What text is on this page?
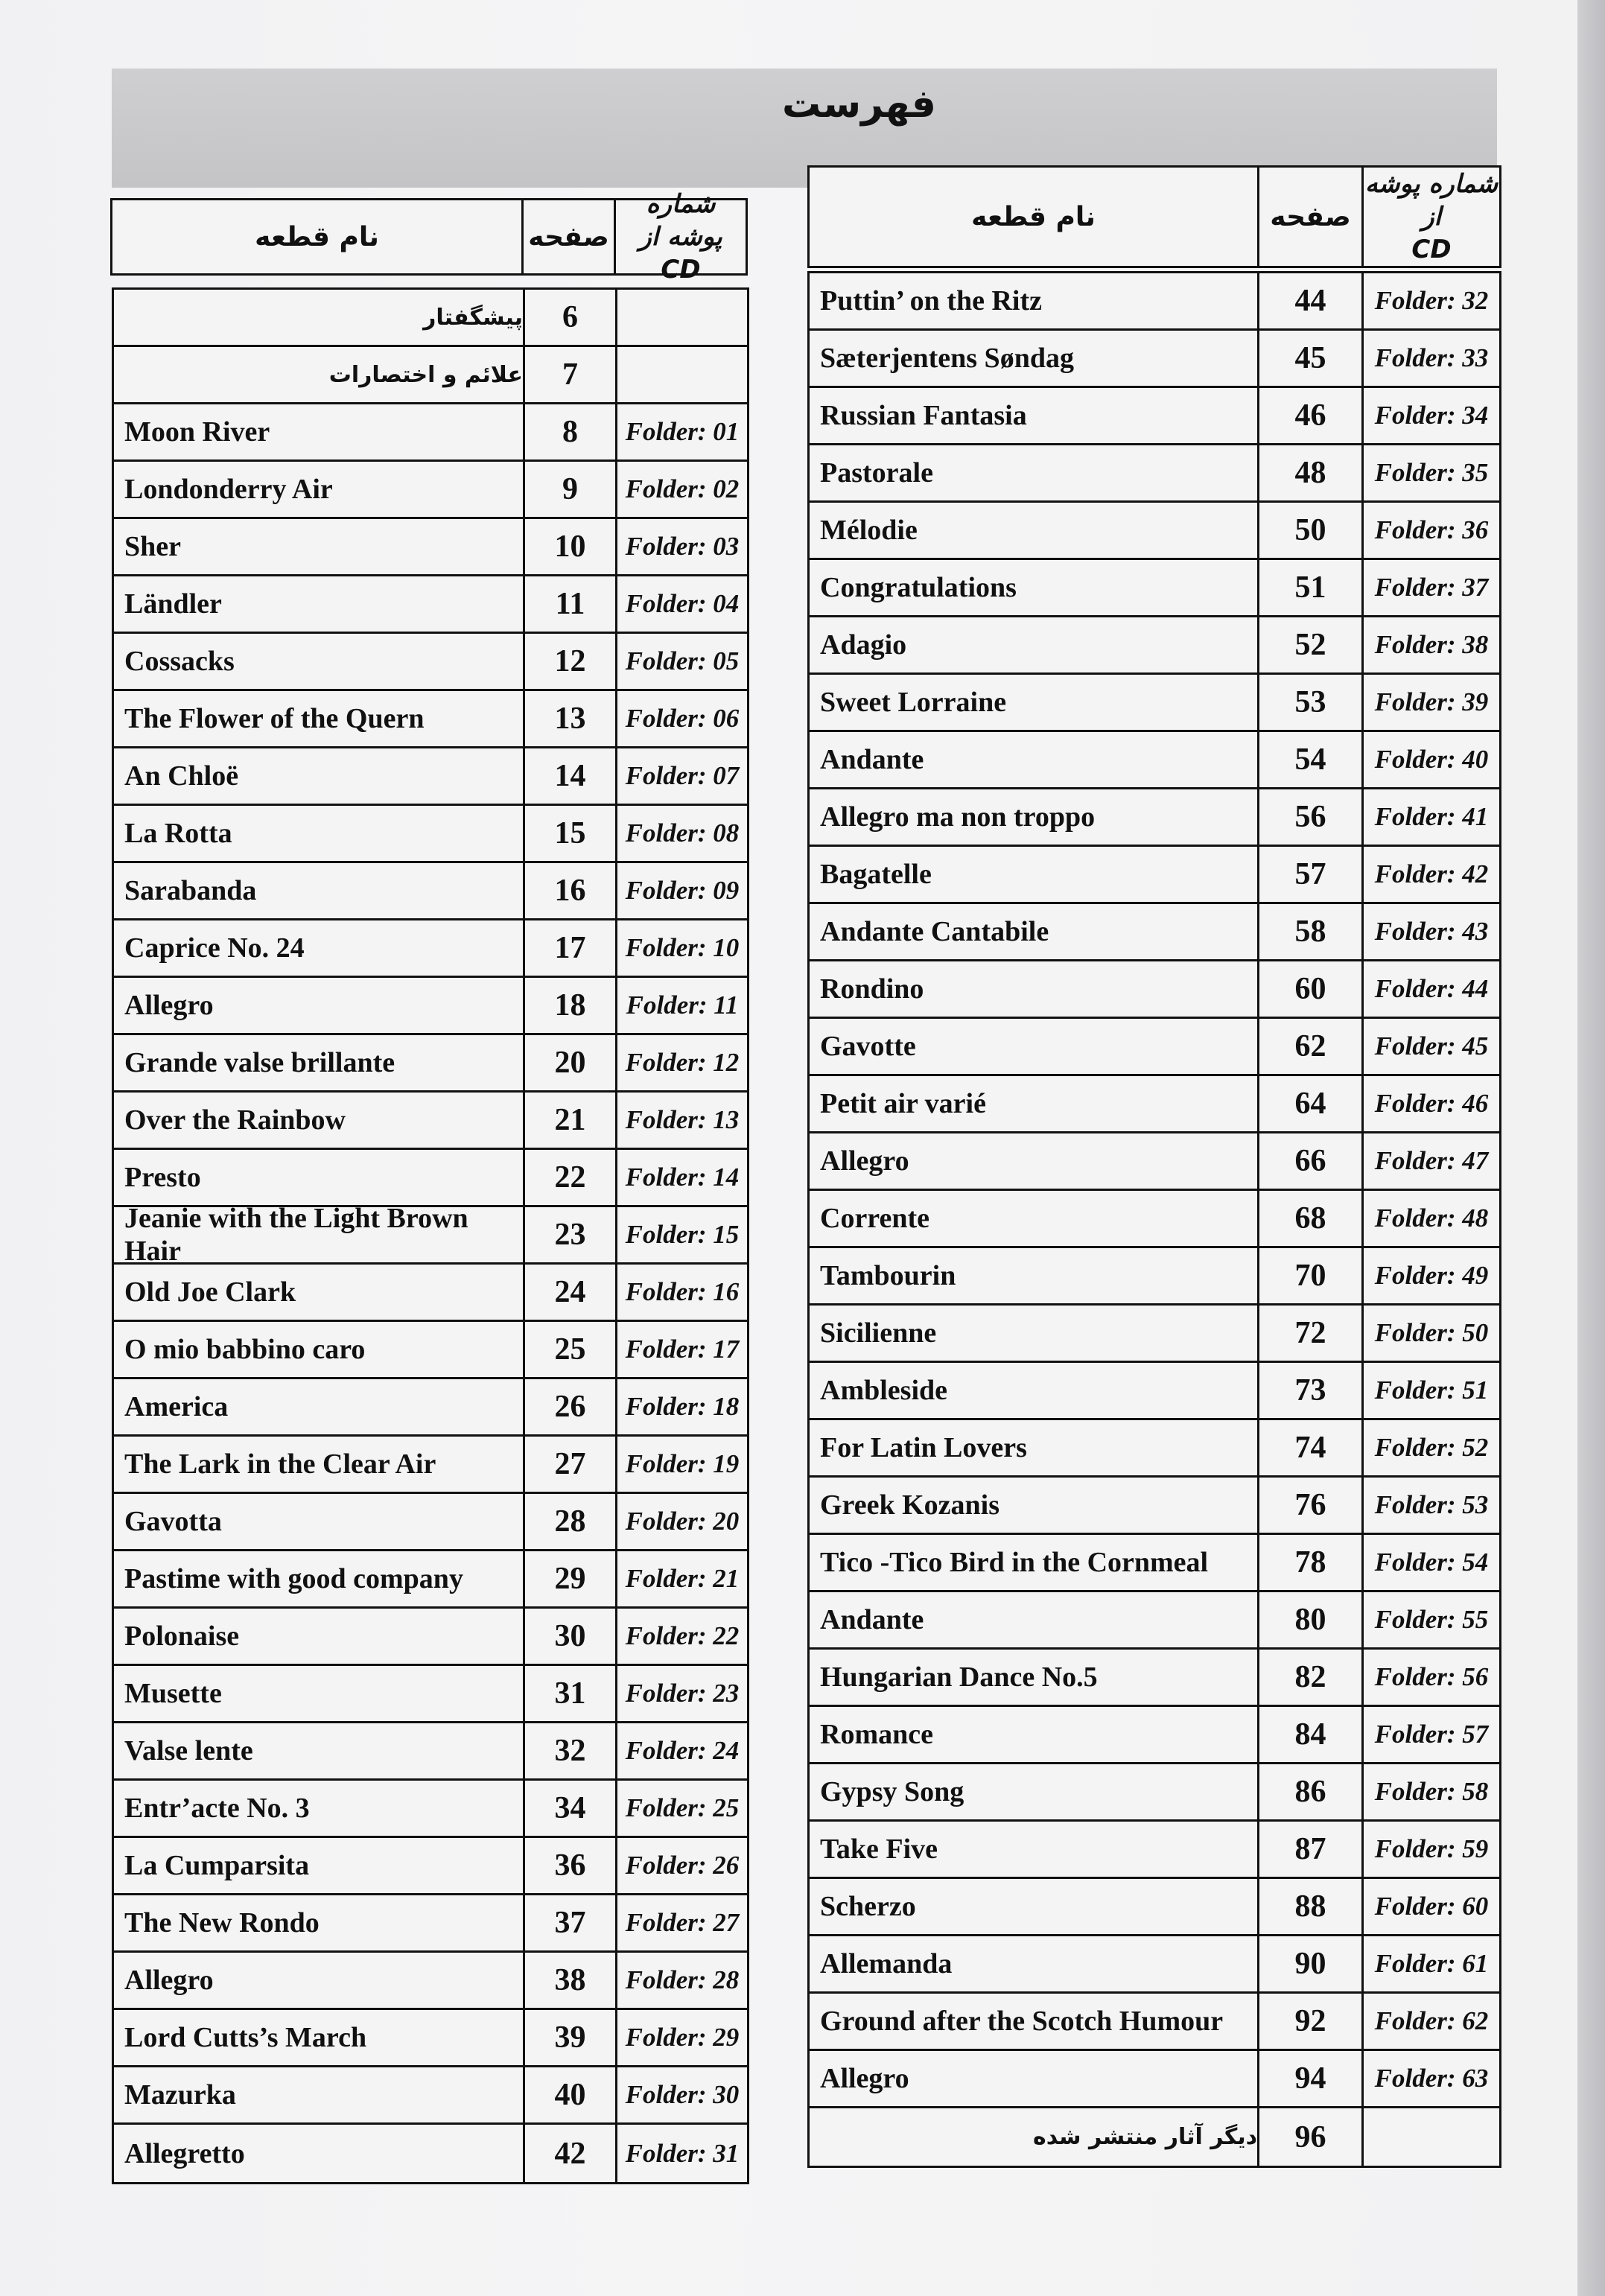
فهرست
نام قطعه	صفحه
شماره پوشه از
CD
نام قطعه	صفحه
شماره پوشه از
CD
پیشگفتار	6
علائم و اختصارات	7
Moon River	8	Folder: 01
Londonderry Air	9	Folder: 02
Sher	10	Folder: 03
Ländler	11	Folder: 04
Cossacks	12	Folder: 05
The Flower of the Quern	13	Folder: 06
An Chloë	14	Folder: 07
La Rotta	15	Folder: 08
Sarabanda	16	Folder: 09
Caprice No. 24	17	Folder: 10
Allegro	18	Folder: 11
Grande valse brillante	20	Folder: 12
Over the Rainbow	21	Folder: 13
Presto	22	Folder: 14
Jeanie with the Light Brown Hair	23	Folder: 15
Old Joe Clark	24	Folder: 16
O mio babbino caro	25	Folder: 17
America	26	Folder: 18
The Lark in the Clear Air	27	Folder: 19
Gavotta	28	Folder: 20
Pastime with good company	29	Folder: 21
Polonaise	30	Folder: 22
Musette	31	Folder: 23
Valse lente	32	Folder: 24
Entr’acte No. 3	34	Folder: 25
La Cumparsita	36	Folder: 26
The New Rondo	37	Folder: 27
Allegro	38	Folder: 28
Lord Cutts’s March	39	Folder: 29
Mazurka	40	Folder: 30
Allegretto	42	Folder: 31
Puttin’ on the Ritz	44	Folder: 32
Sæterjentens Søndag	45	Folder: 33
Russian Fantasia	46	Folder: 34
Pastorale	48	Folder: 35
Mélodie	50	Folder: 36
Congratulations	51	Folder: 37
Adagio	52	Folder: 38
Sweet Lorraine	53	Folder: 39
Andante	54	Folder: 40
Allegro ma non troppo	56	Folder: 41
Bagatelle	57	Folder: 42
Andante Cantabile	58	Folder: 43
Rondino	60	Folder: 44
Gavotte	62	Folder: 45
Petit air varié	64	Folder: 46
Allegro	66	Folder: 47
Corrente	68	Folder: 48
Tambourin	70	Folder: 49
Sicilienne	72	Folder: 50
Ambleside	73	Folder: 51
For Latin Lovers	74	Folder: 52
Greek Kozanis	76	Folder: 53
Tico -Tico Bird in the Cornmeal	78	Folder: 54
Andante	80	Folder: 55
Hungarian Dance No.5	82	Folder: 56
Romance	84	Folder: 57
Gypsy Song	86	Folder: 58
Take Five	87	Folder: 59
Scherzo	88	Folder: 60
Allemanda	90	Folder: 61
Ground after the Scotch Humour	92	Folder: 62
Allegro	94	Folder: 63
دیگر آثار منتشر شده	96
